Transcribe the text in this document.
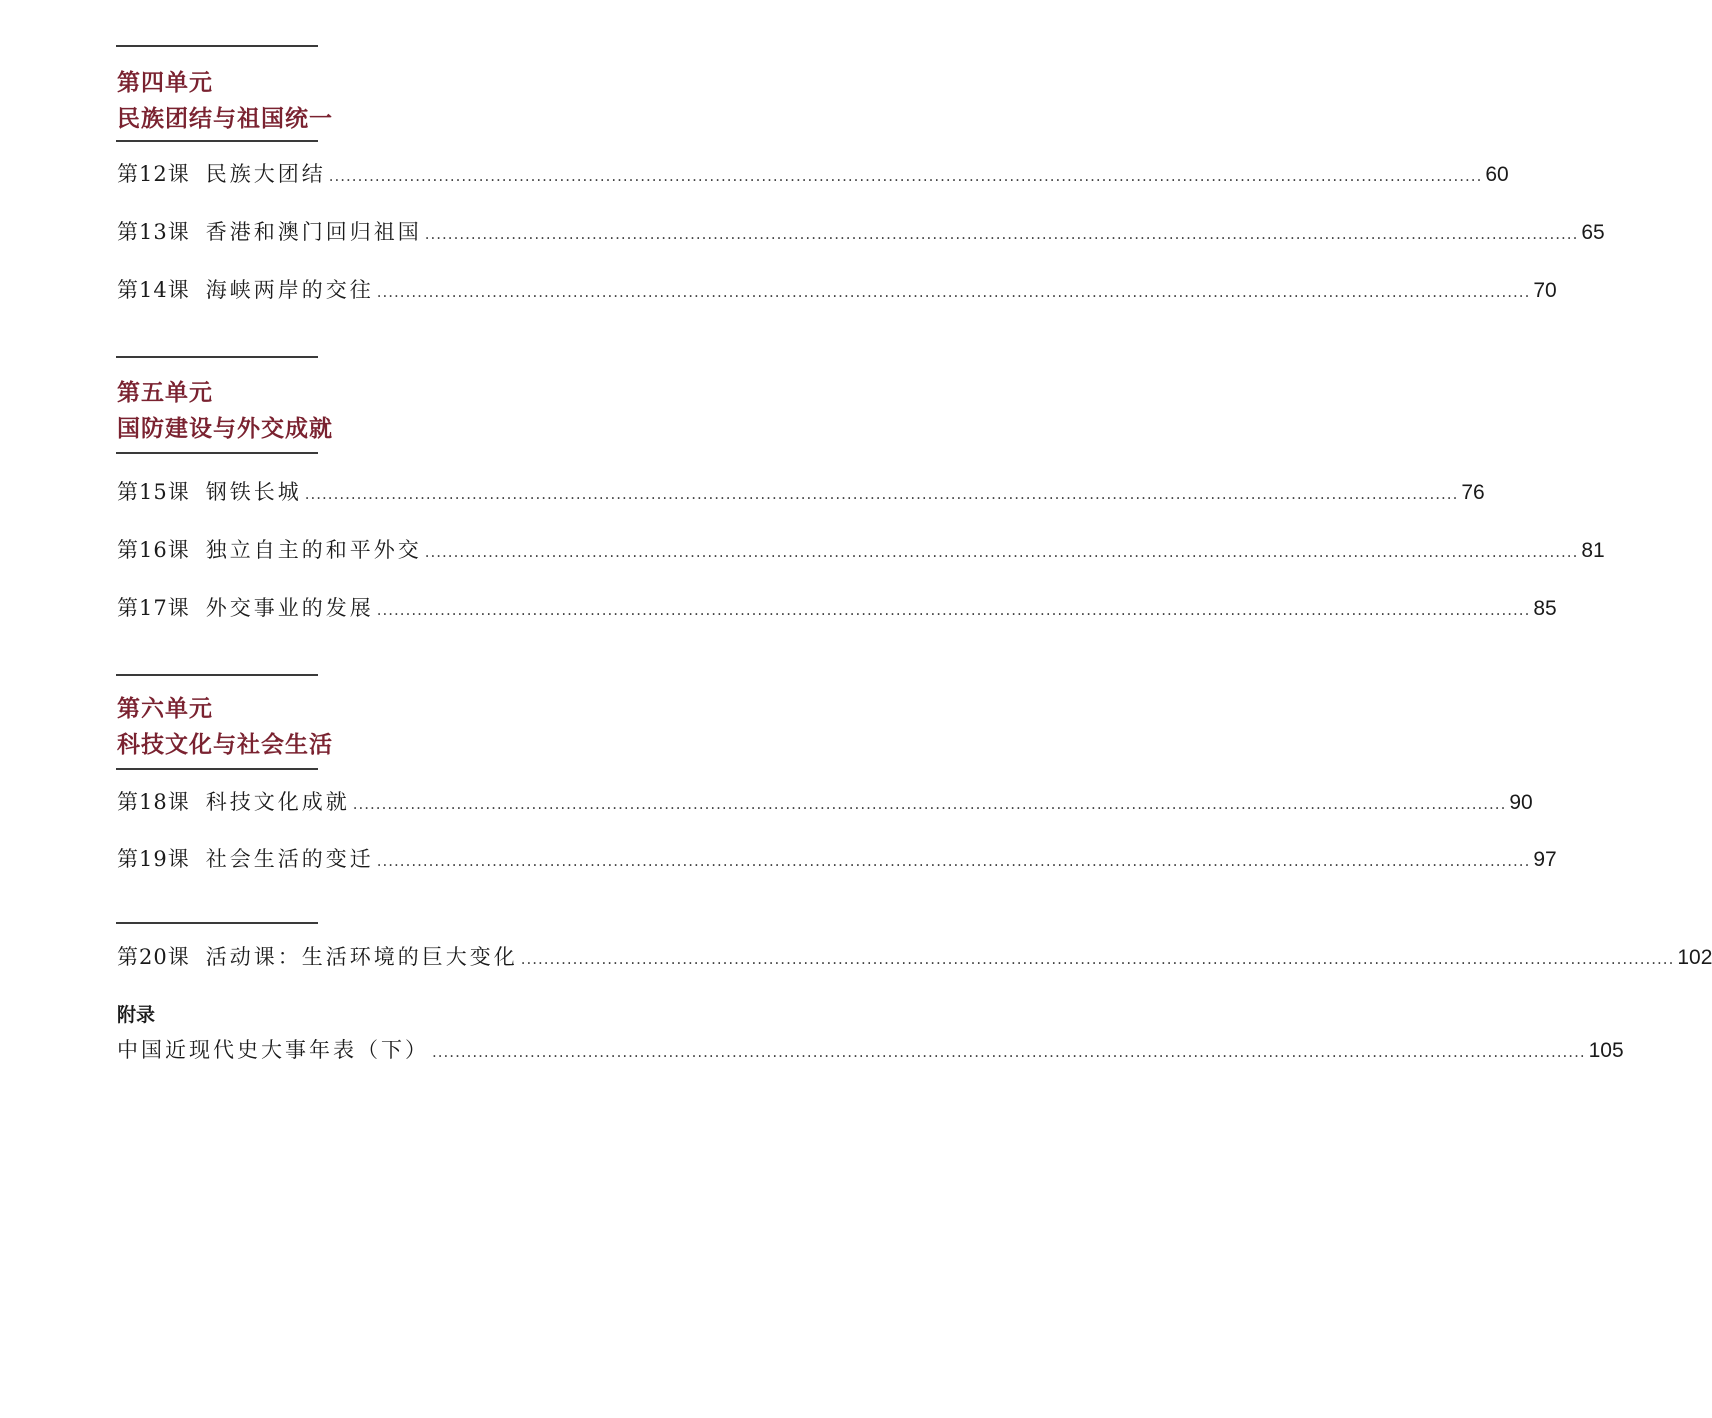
第四单元
民族团结与祖国统一
第12课 民族大团结 ........................................................................................................................................................................................................ 60
第13课 香港和澳门回归祖国 ........................................................................................................................................................................................................ 65
第14课 海峡两岸的交往 ........................................................................................................................................................................................................ 70
第五单元
国防建设与外交成就
第15课 钢铁长城 ........................................................................................................................................................................................................ 76
第16课 独立自主的和平外交 ........................................................................................................................................................................................................ 81
第17课 外交事业的发展 ........................................................................................................................................................................................................ 85
第六单元
科技文化与社会生活
第18课 科技文化成就 ........................................................................................................................................................................................................ 90
第19课 社会生活的变迁 ........................................................................................................................................................................................................ 97
第20课 活动课：生活环境的巨大变化 ........................................................................................................................................................................................................ 102
附录
中国近现代史大事年表（下） ........................................................................................................................................................................................................ 105
